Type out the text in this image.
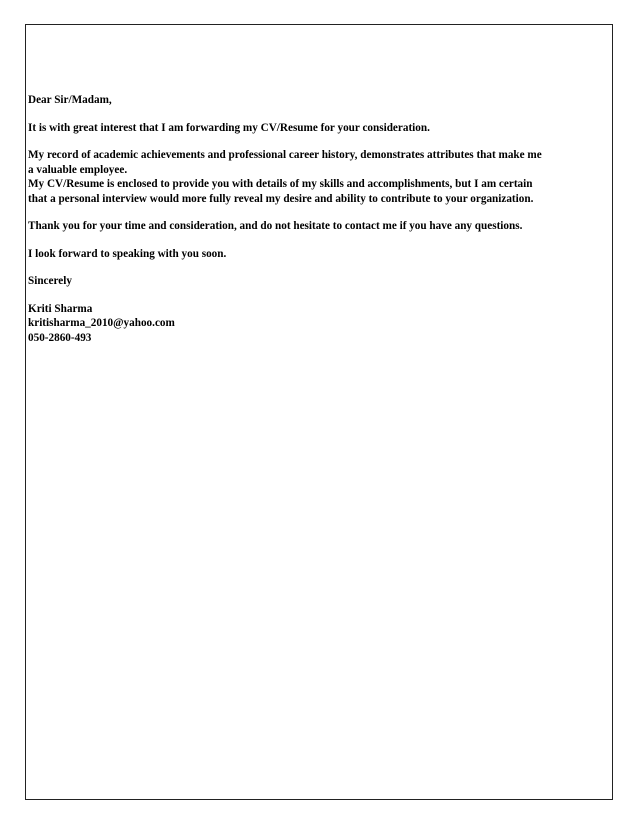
Dear Sir/Madam,

It is with great interest that I am forwarding my CV/Resume for your consideration.

My record of academic achievements and professional career history, demonstrates attributes that make me
a valuable employee.

My CV/Resume is enclosed to provide you with details of my skills and accomplishments, but I am certain
that a personal interview would more fully reveal my desire and ability to contribute to your organization.

Thank you for your time and consideration, and do not hesitate to contact me if you have any questions.

I look forward to speaking with you soon.

Sincerely

Kriti Sharma

kritisharma_2010@yahoo.com

050-2860-493
